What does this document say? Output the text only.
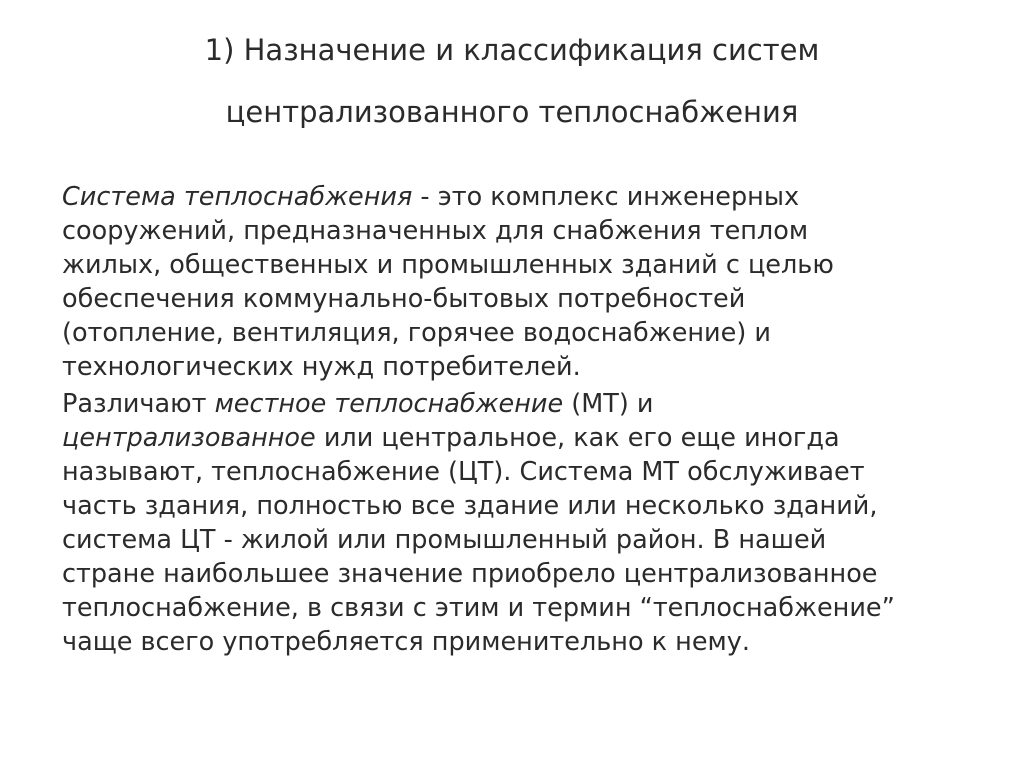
1) Назначение и классификация систем
централизованного теплоснабжения
Система теплоснабжения - это комплекс инженерных
сооружений, предназначенных для снабжения теплом
жилых, общественных и промышленных зданий с целью
обеспечения коммунально-бытовых потребностей
(отопление, вентиляция, горячее водоснабжение) и
технологических нужд потребителей.
Различают местное теплоснабжение (МТ) и
централизованное или центральное, как его еще иногда
называют, теплоснабжение (ЦТ). Система МТ обслуживает
часть здания, полностью все здание или несколько зданий,
система ЦТ - жилой или промышленный район. В нашей
стране наибольшее значение приобрело централизованное
теплоснабжение, в связи с этим и термин “теплоснабжение”
чаще всего употребляется применительно к нему.
